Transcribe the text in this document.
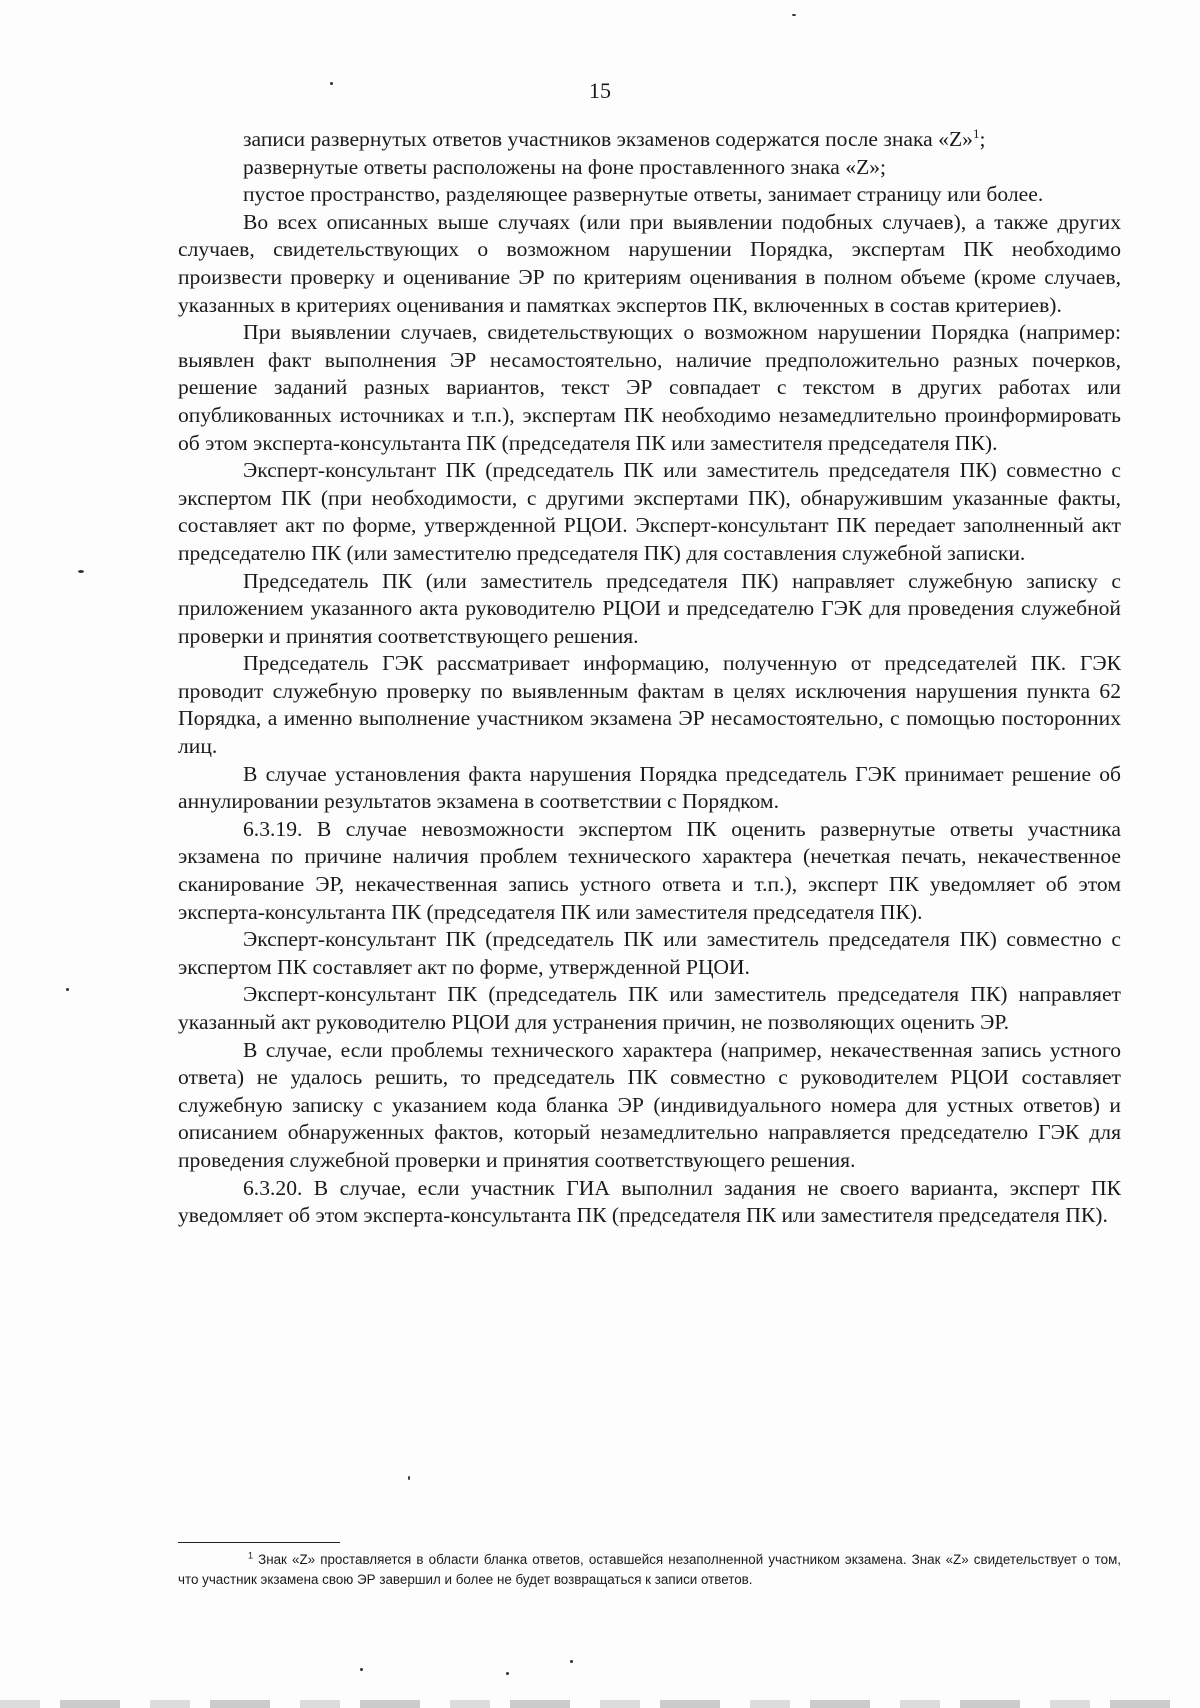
15

записи развернутых ответов участников экзаменов содержатся после знака «Z»$^1$;

развернутые ответы расположены на фоне проставленного знака «Z»;

пустое пространство, разделяющее развернутые ответы, занимает страницу или более.

Во всех описанных выше случаях (или при выявлении подобных случаев), а также других случаев, свидетельствующих о возможном нарушении Порядка, экспертам ПК необходимо произвести проверку и оценивание ЭР по критериям оценивания в полном объеме (кроме случаев, указанных в критериях оценивания и памятках экспертов ПК, включенных в состав критериев).

При выявлении случаев, свидетельствующих о возможном нарушении Порядка (например: выявлен факт выполнения ЭР несамостоятельно, наличие предположительно разных почерков, решение заданий разных вариантов, текст ЭР совпадает с текстом в других работах или опубликованных источниках и т.п.), экспертам ПК необходимо незамедлительно проинформировать об этом эксперта-консультанта ПК (председателя ПК или заместителя председателя ПК).

Эксперт-консультант ПК (председатель ПК или заместитель председателя ПК) совместно с экспертом ПК (при необходимости, с другими экспертами ПК), обнаружившим указанные факты, составляет акт по форме, утвержденной РЦОИ. Эксперт-консультант ПК передает заполненный акт председателю ПК (или заместителю председателя ПК) для составления служебной записки.

Председатель ПК (или заместитель председателя ПК) направляет служебную записку с приложением указанного акта руководителю РЦОИ и председателю ГЭК для проведения служебной проверки и принятия соответствующего решения.

Председатель ГЭК рассматривает информацию, полученную от председателей ПК. ГЭК проводит служебную проверку по выявленным фактам в целях исключения нарушения пункта 62 Порядка, а именно выполнение участником экзамена ЭР несамостоятельно, с помощью посторонних лиц.

В случае установления факта нарушения Порядка председатель ГЭК принимает решение об аннулировании результатов экзамена в соответствии с Порядком.

6.3.19. В случае невозможности экспертом ПК оценить развернутые ответы участника экзамена по причине наличия проблем технического характера (нечеткая печать, некачественное сканирование ЭР, некачественная запись устного ответа и т.п.), эксперт ПК уведомляет об этом эксперта-консультанта ПК (председателя ПК или заместителя председателя ПК).

Эксперт-консультант ПК (председатель ПК или заместитель председателя ПК) совместно с экспертом ПК составляет акт по форме, утвержденной РЦОИ.

Эксперт-консультант ПК (председатель ПК или заместитель председателя ПК) направляет указанный акт руководителю РЦОИ для устранения причин, не позволяющих оценить ЭР.

В случае, если проблемы технического характера (например, некачественная запись устного ответа) не удалось решить, то председатель ПК совместно с руководителем РЦОИ составляет служебную записку с указанием кода бланка ЭР (индивидуального номера для устных ответов) и описанием обнаруженных фактов, который незамедлительно направляется председателю ГЭК для проведения служебной проверки и принятия соответствующего решения.

6.3.20. В случае, если участник ГИА выполнил задания не своего варианта, эксперт ПК уведомляет об этом эксперта-консультанта ПК (председателя ПК или заместителя председателя ПК).

$^1$ Знак «Z» проставляется в области бланка ответов, оставшейся незаполненной участником экзамена. Знак «Z» свидетельствует о том, что участник экзамена свою ЭР завершил и более не будет возвращаться к записи ответов.
